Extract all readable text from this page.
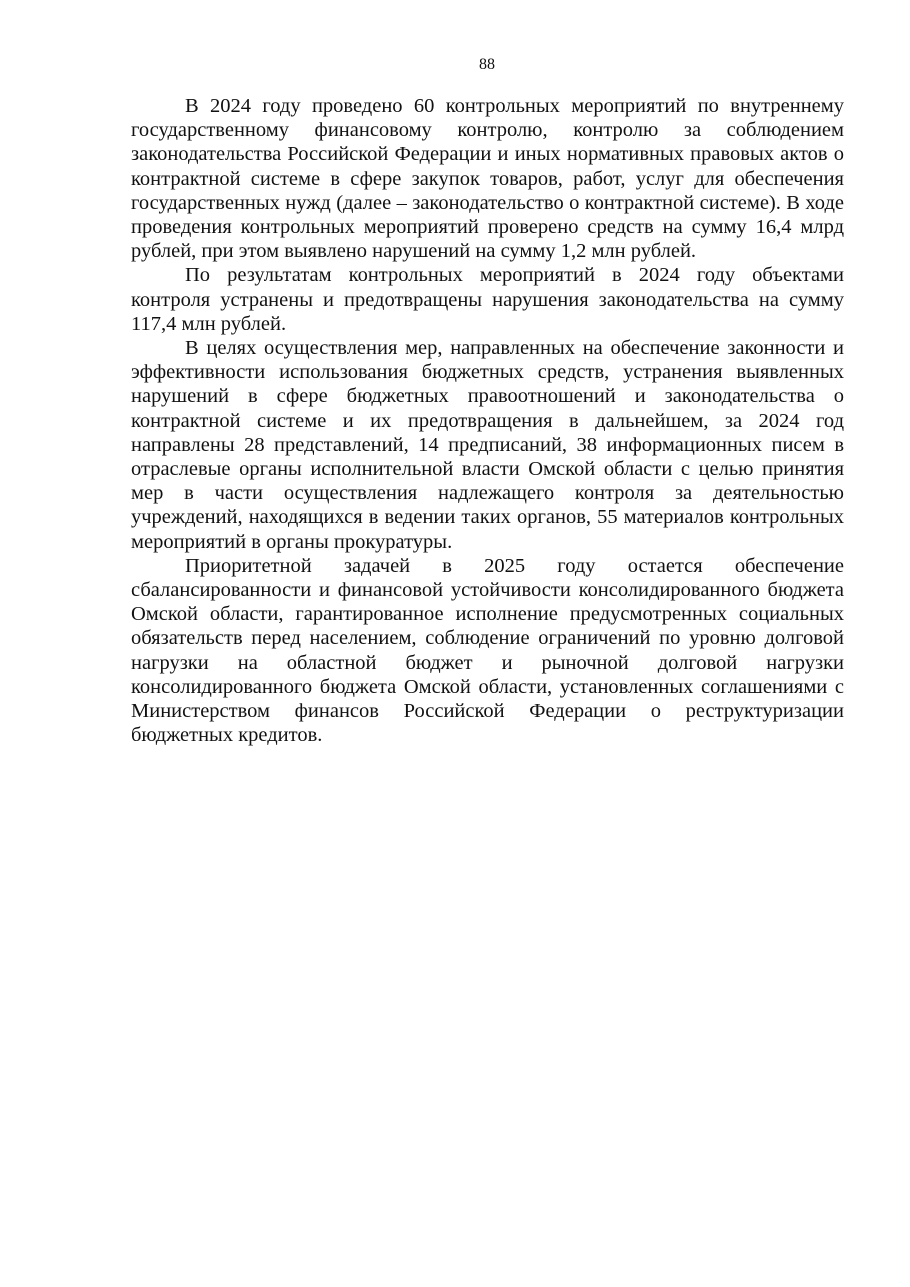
88

В 2024 году проведено 60 контрольных мероприятий по внутреннему государственному финансовому контролю, контролю за соблюдением законодательства Российской Федерации и иных нормативных правовых актов о контрактной системе в сфере закупок товаров, работ, услуг для обеспечения государственных нужд (далее – законодательство о контрактной системе). В ходе проведения контрольных мероприятий проверено средств на сумму 16,4 млрд рублей, при этом выявлено нарушений на сумму 1,2 млн рублей.

По результатам контрольных мероприятий в 2024 году объектами контроля устранены и предотвращены нарушения законодательства на сумму 117,4 млн рублей.

В целях осуществления мер, направленных на обеспечение законности и эффективности использования бюджетных средств, устранения выявленных нарушений в сфере бюджетных правоотношений и законодательства о контрактной системе и их предотвращения в дальнейшем, за 2024 год направлены 28 представлений, 14 предписаний, 38 информационных писем в отраслевые органы исполнительной власти Омской области с целью принятия мер в части осуществления надлежащего контроля за деятельностью учреждений, находящихся в ведении таких органов, 55 материалов контрольных мероприятий в органы прокуратуры.

Приоритетной задачей в 2025 году остается обеспечение сбалансированности и финансовой устойчивости консолидированного бюджета Омской области, гарантированное исполнение предусмотренных социальных обязательств перед населением, соблюдение ограничений по уровню долговой нагрузки на областной бюджет и рыночной долговой нагрузки консолидированного бюджета Омской области, установленных соглашениями с Министерством финансов Российской Федерации о реструктуризации бюджетных кредитов.
